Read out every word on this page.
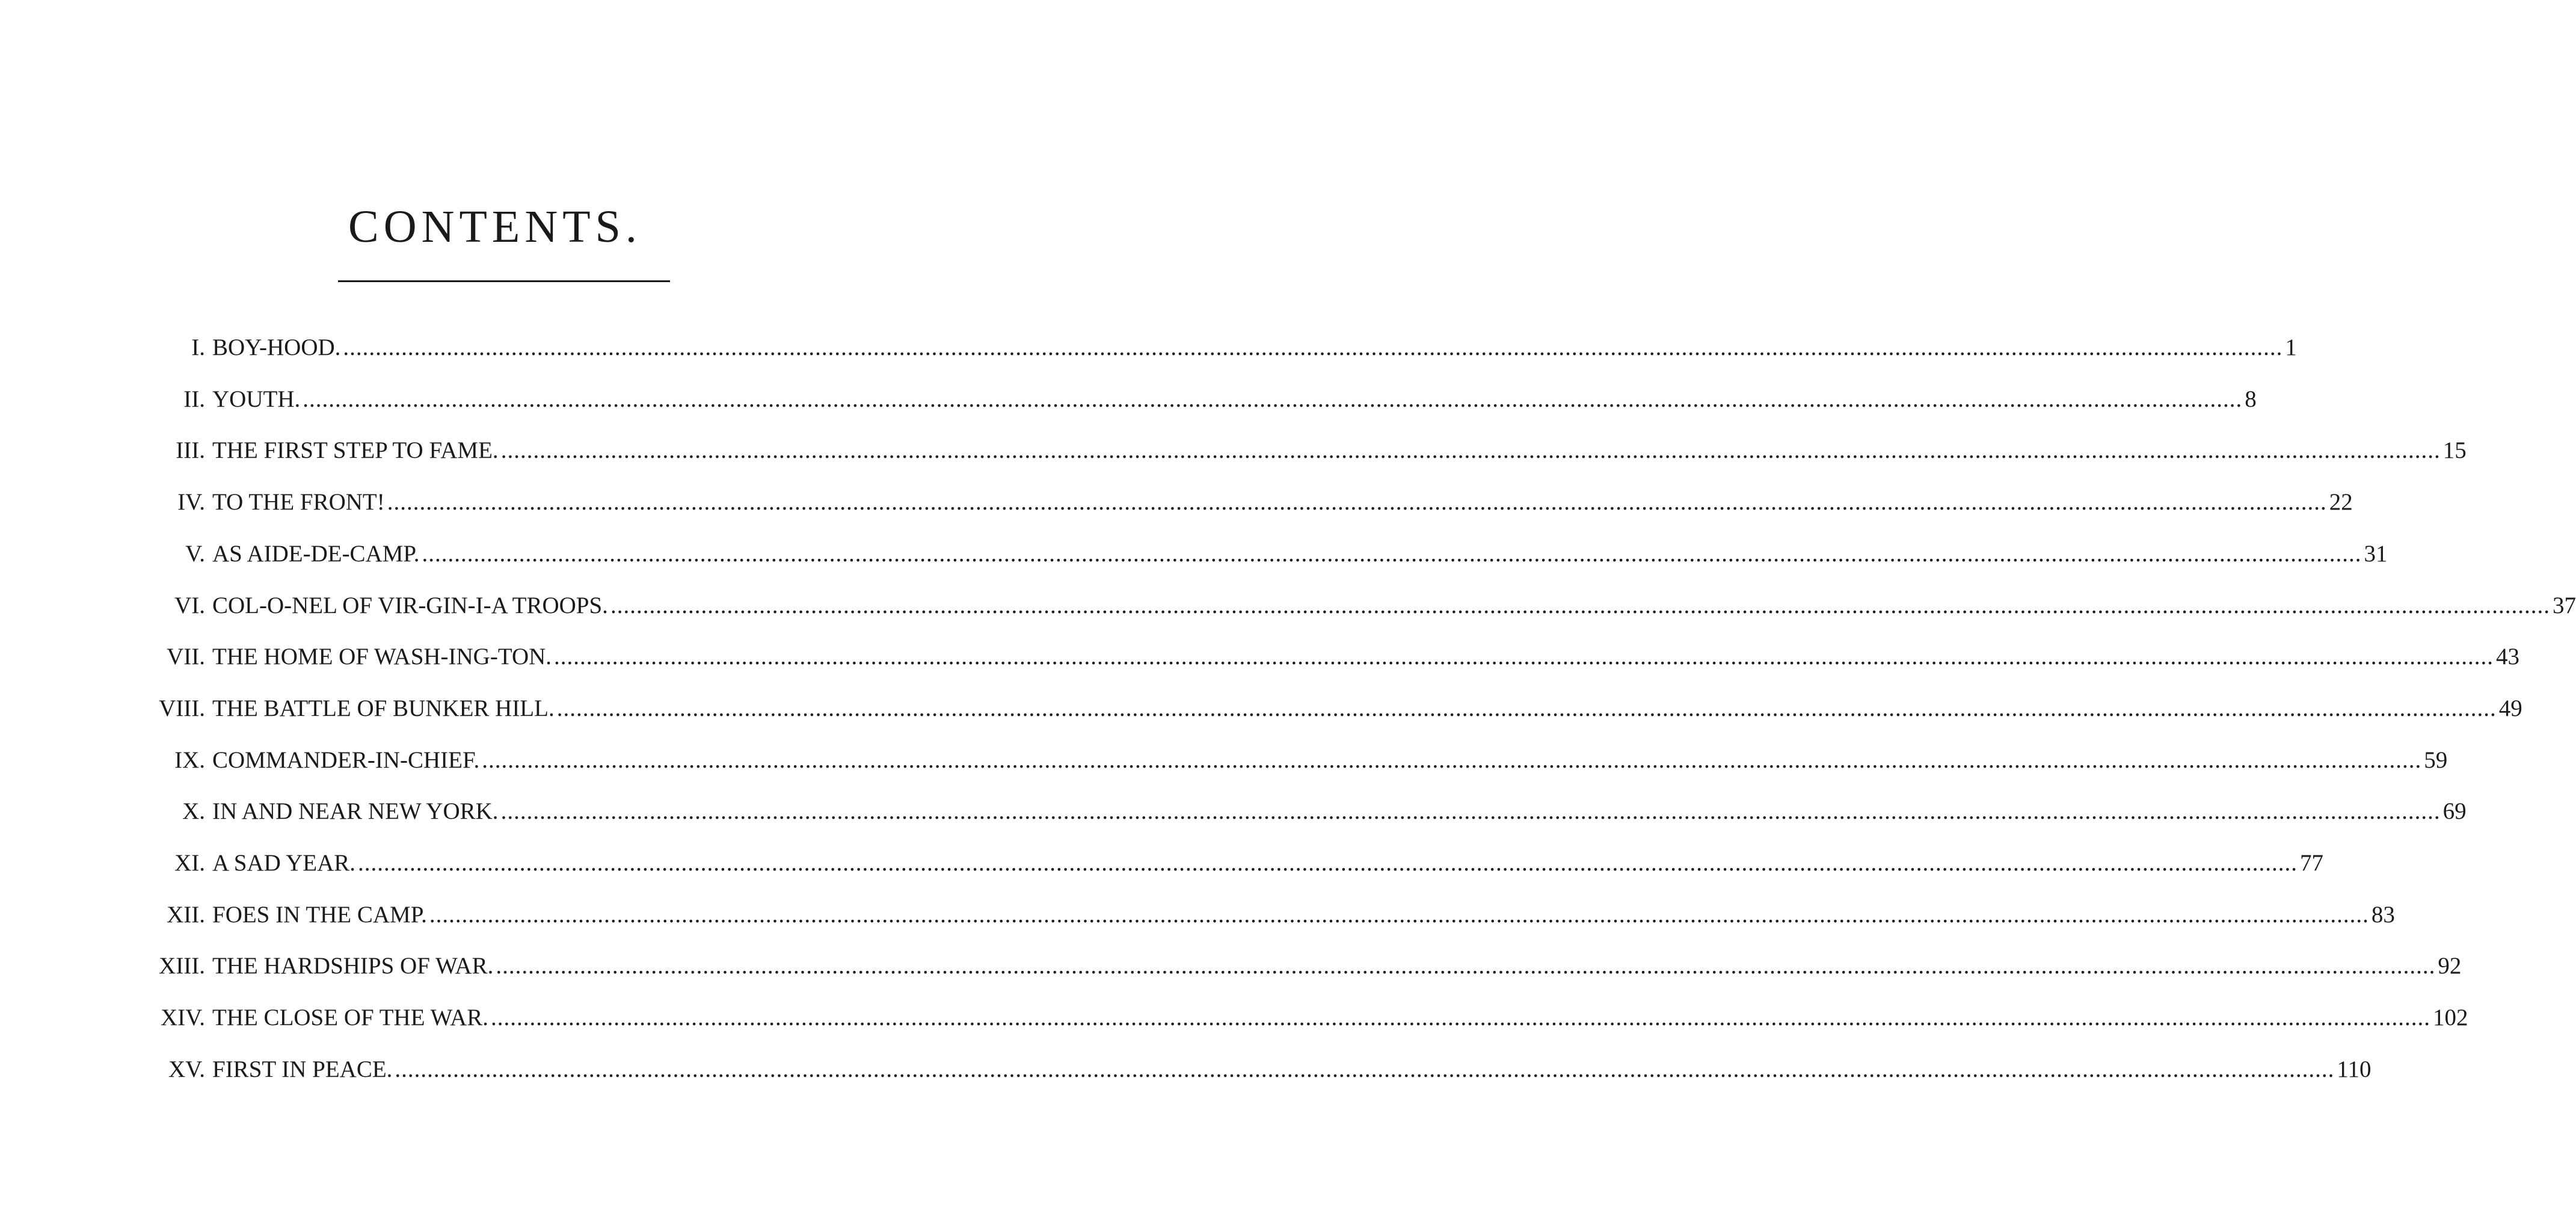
CONTENTS.
I. BOY-HOOD. ............................................................................................................................................................................................................................................................................................................ 1
II. YOUTH. ............................................................................................................................................................................................................................................................................................................ 8
III. THE FIRST STEP TO FAME. ............................................................................................................................................................................................................................................................................................................ 15
IV. TO THE FRONT! ............................................................................................................................................................................................................................................................................................................ 22
V. AS AIDE-DE-CAMP. ............................................................................................................................................................................................................................................................................................................ 31
VI. COL-O-NEL OF VIR-GIN-I-A TROOPS. ............................................................................................................................................................................................................................................................................................................ 37
VII. THE HOME OF WASH-ING-TON. ............................................................................................................................................................................................................................................................................................................ 43
VIII. THE BATTLE OF BUNKER HILL. ............................................................................................................................................................................................................................................................................................................ 49
IX. COMMANDER-IN-CHIEF. ............................................................................................................................................................................................................................................................................................................ 59
X. IN AND NEAR NEW YORK. ............................................................................................................................................................................................................................................................................................................ 69
XI. A SAD YEAR. ............................................................................................................................................................................................................................................................................................................ 77
XII. FOES IN THE CAMP. ............................................................................................................................................................................................................................................................................................................ 83
XIII. THE HARDSHIPS OF WAR. ............................................................................................................................................................................................................................................................................................................ 92
XIV. THE CLOSE OF THE WAR. ............................................................................................................................................................................................................................................................................................................ 102
XV. FIRST IN PEACE. ............................................................................................................................................................................................................................................................................................................ 110
